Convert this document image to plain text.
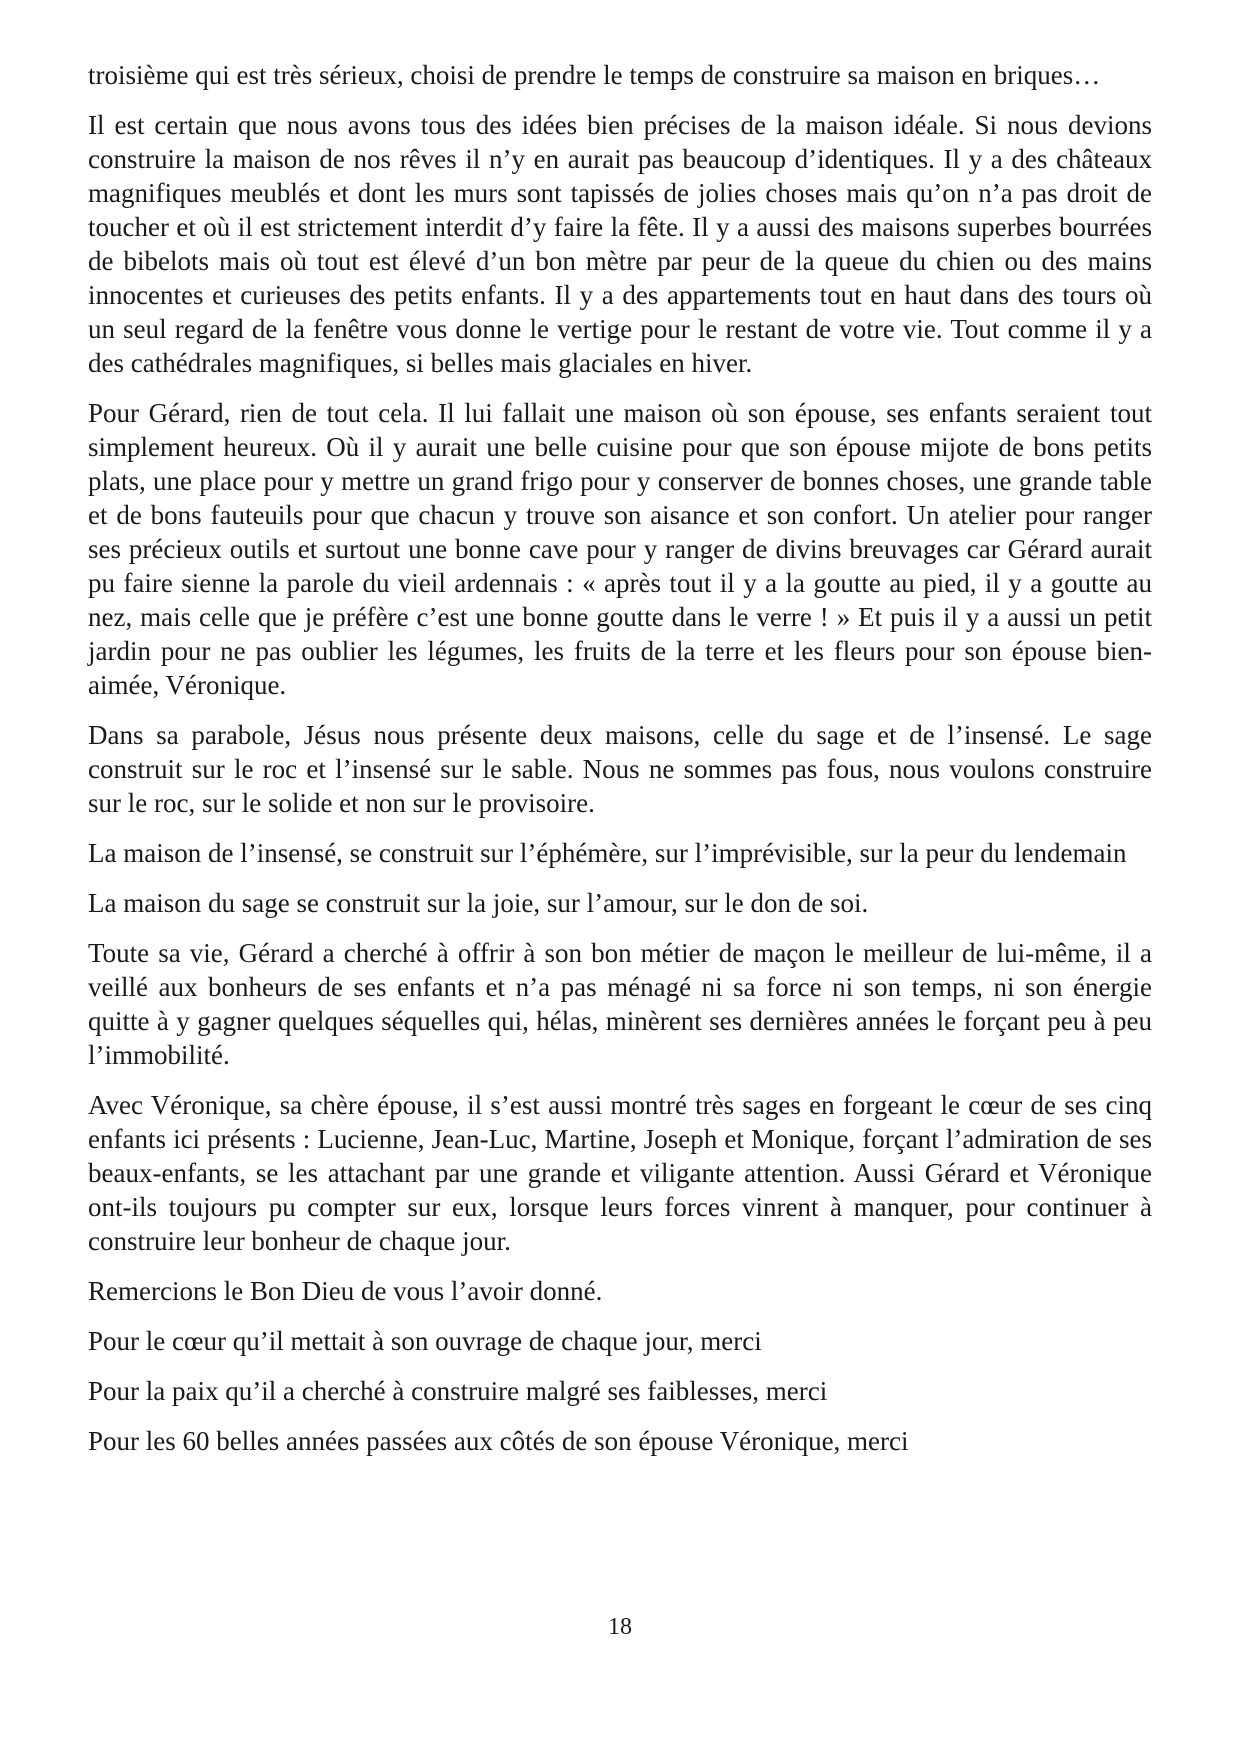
troisième qui est très sérieux, choisi de prendre le temps de construire sa maison en briques…

Il est certain que nous avons tous des idées bien précises de la maison idéale. Si nous devions construire la maison de nos rêves il n’y en aurait pas beaucoup d’identiques. Il y a des châteaux magnifiques meublés et dont les murs sont tapissés de jolies choses mais qu’on n’a pas droit de toucher et où il est strictement interdit d’y faire la fête. Il y a aussi des maisons superbes bourrées de bibelots mais où tout est élevé d’un bon mètre par peur de la queue du chien ou des mains innocentes et curieuses des petits enfants. Il y a des appartements tout en haut dans des tours où un seul regard de la fenêtre vous donne le vertige pour le restant de votre vie. Tout comme il y a des cathédrales magnifiques, si belles mais glaciales en hiver.

Pour Gérard, rien de tout cela. Il lui fallait une maison où son épouse, ses enfants seraient tout simplement heureux. Où il y aurait une belle cuisine pour que son épouse mijote de bons petits plats, une place pour y mettre un grand frigo pour y conserver de bonnes choses, une grande table et de bons fauteuils pour que chacun y trouve son aisance et son confort. Un atelier pour ranger ses précieux outils et surtout une bonne cave pour y ranger de divins breuvages car Gérard aurait pu faire sienne la parole du vieil ardennais : « après tout il y a la goutte au pied, il y a goutte au nez, mais celle que je préfère c’est une bonne goutte dans le verre ! » Et puis il y a aussi un petit jardin pour ne pas oublier les légumes, les fruits de la terre et les fleurs pour son épouse bien-aimée, Véronique.

Dans sa parabole, Jésus nous présente deux maisons, celle du sage et de l’insensé. Le sage construit sur le roc et l’insensé sur le sable. Nous ne sommes pas fous, nous voulons construire sur le roc, sur le solide et non sur le provisoire.

La maison de l’insensé, se construit sur l’éphémère, sur l’imprévisible, sur la peur du lendemain

La maison du sage se construit sur la joie, sur l’amour, sur le don de soi.

Toute sa vie, Gérard a cherché à offrir à son bon métier de maçon le meilleur de lui-même, il a veillé aux bonheurs de ses enfants et n’a pas ménagé ni sa force ni son temps, ni son énergie quitte à y gagner quelques séquelles qui, hélas, minèrent ses dernières années le forçant peu à peu l’immobilité.

Avec Véronique, sa chère épouse, il s’est aussi montré très sages en forgeant le cœur de ses cinq enfants ici présents : Lucienne, Jean-Luc, Martine, Joseph et Monique, forçant l’admiration de ses beaux-enfants, se les attachant par une grande et viligante attention. Aussi Gérard et Véronique ont-ils toujours pu compter sur eux, lorsque leurs forces vinrent à manquer, pour continuer à construire leur bonheur de chaque jour.

Remercions le Bon Dieu de vous l’avoir donné.

Pour le cœur qu’il mettait à son ouvrage de chaque jour, merci

Pour la paix qu’il a cherché à construire malgré ses faiblesses, merci

Pour les 60 belles années passées aux côtés de son épouse Véronique, merci

18
